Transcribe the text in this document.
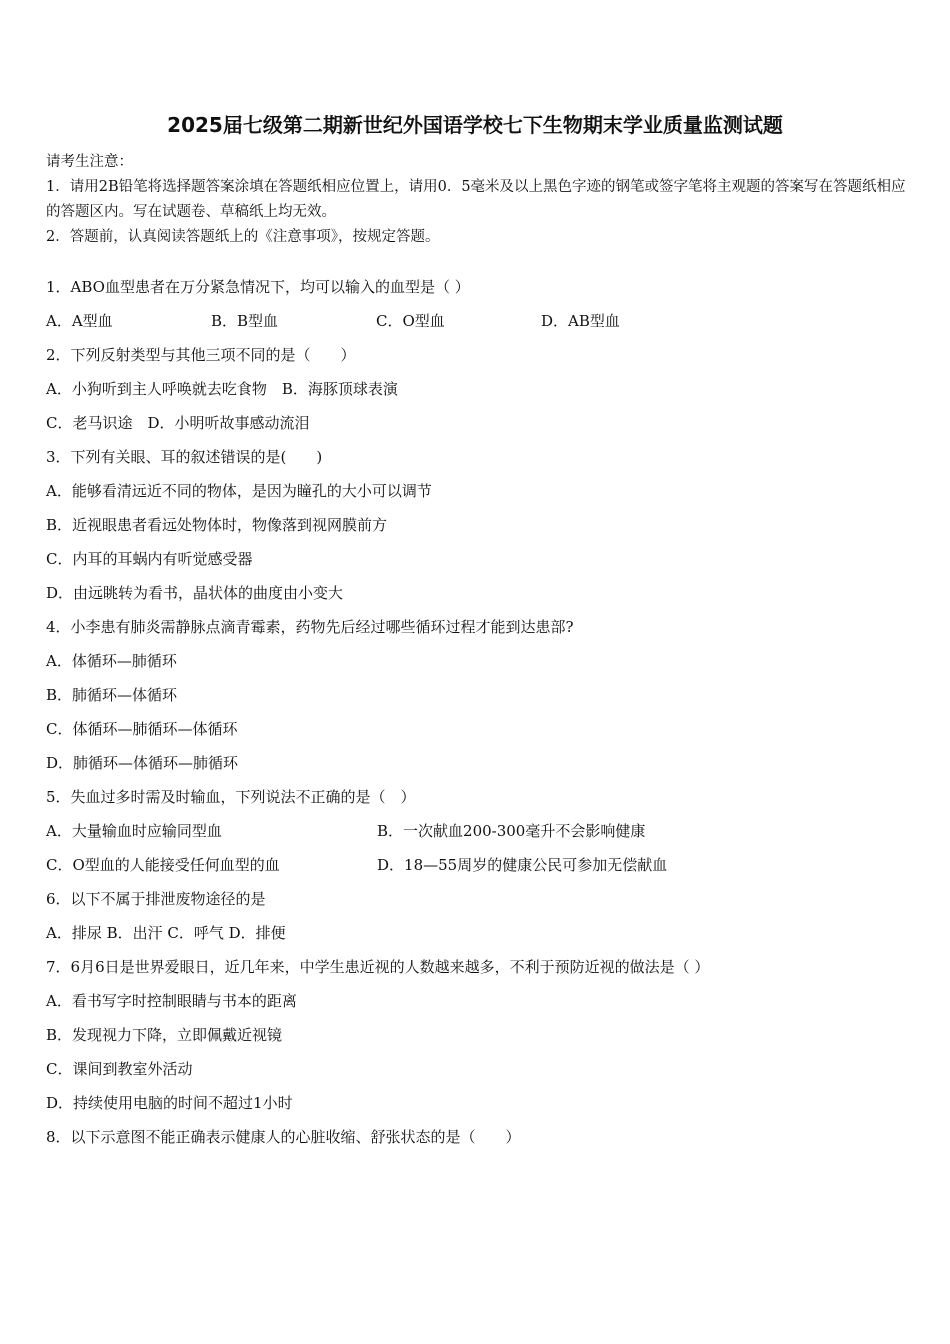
2025届七级第二期新世纪外国语学校七下生物期末学业质量监测试题

请考生注意：

1．请用2B铅笔将选择题答案涂填在答题纸相应位置上，请用0．5毫米及以上黑色字迹的钢笔或签字笔将主观题的答案写在答题纸相应的答题区内。写在试题卷、草稿纸上均无效。

2．答题前，认真阅读答题纸上的《注意事项》，按规定答题。

1．ABO血型患者在万分紧急情况下，均可以输入的血型是（ ）
A．A型血	B．B型血	C．O型血	D．AB型血
2．下列反射类型与其他三项不同的是（　　）
A．小狗听到主人呼唤就去吃食物　B．海豚顶球表演
C．老马识途　D．小明听故事感动流泪
3．下列有关眼、耳的叙述错误的是(　　)
A．能够看清远近不同的物体，是因为瞳孔的大小可以调节
B．近视眼患者看远处物体时，物像落到视网膜前方
C．内耳的耳蜗内有听觉感受器
D．由远眺转为看书，晶状体的曲度由小变大
4．小李患有肺炎需静脉点滴青霉素，药物先后经过哪些循环过程才能到达患部?
A．体循环—肺循环
B．肺循环—体循环
C．体循环—肺循环—体循环
D．肺循环—体循环—肺循环
5．失血过多时需及时输血，下列说法不正确的是（　）
A．大量输血时应输同型血	B．一次献血200-300毫升不会影响健康
C．O型血的人能接受任何血型的血	D．18—55周岁的健康公民可参加无偿献血
6．以下不属于排泄废物途径的是
A．排尿 B．出汗 C．呼气 D．排便
7．6月6日是世界爱眼日，近几年来，中学生患近视的人数越来越多，不利于预防近视的做法是（ ）
A．看书写字时控制眼睛与书本的距离
B．发现视力下降，立即佩戴近视镜
C．课间到教室外活动
D．持续使用电脑的时间不超过1小时
8．以下示意图不能正确表示健康人的心脏收缩、舒张状态的是（　　）
